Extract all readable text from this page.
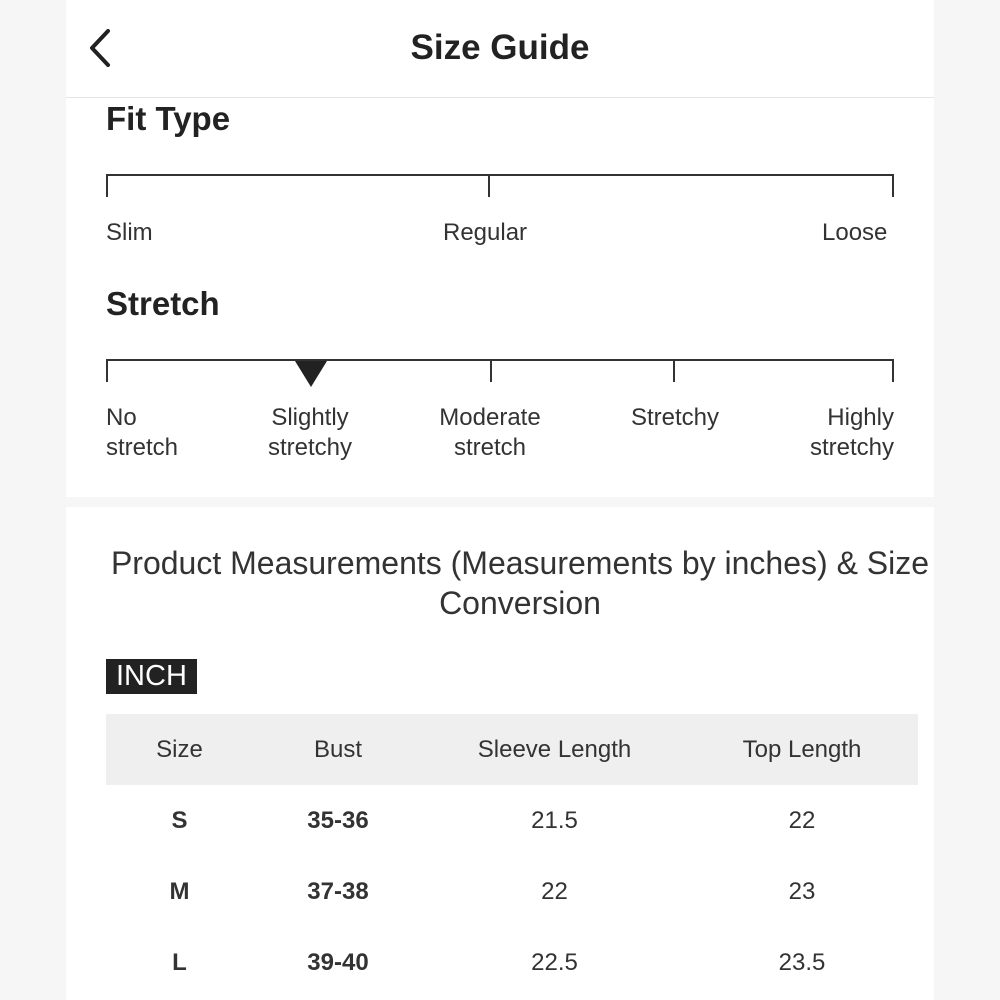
Size Guide
Fit Type
Slim	Regular	Loose
Stretch
No stretch
Slightly stretchy
Moderate stretch
Stretchy	Highly stretchy
Product Measurements (Measurements by inches) & Size Conversion
INCH
Size	Bust	Sleeve Length	Top Length
S	35-36	21.5	22
M	37-38	22	23
L	39-40	22.5	23.5
